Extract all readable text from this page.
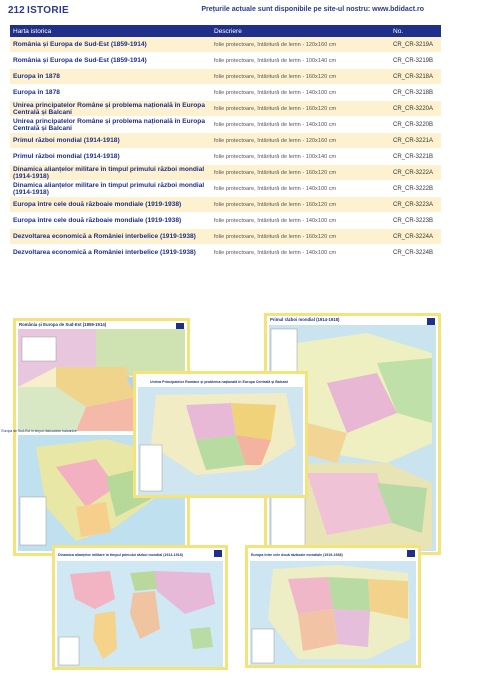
212 ISTORIE	Prețurile actuale sunt disponibile pe site-ul nostru: www.bdidact.ro
Harta istorica	Descriere	No.
România și Europa de Sud-Est (1859-1914)	folie protectoare, întăritură de lemn - 120x160 cm	CR_CR-3219A
România și Europa de Sud-Est (1859-1914)	folie protectoare, întăritură de lemn - 100x140 cm	CR_CR-3219B
Europa în 1878	folie protectoare, întăritură de lemn - 160x120 cm	CR_CR-3218A
Europa în 1878	folie protectoare, întăritură de lemn - 140x100 cm	CR_CR-3218B
Unirea principatelor Române și problema națională în Europa Centrală și Balcani	folie protectoare, întăritură de lemn - 160x120 cm	CR_CR-3220A
Unirea principatelor Române și problema națională în Europa Centrală și Balcani	folie protectoare, întăritură de lemn - 140x100 cm	CR_CR-3220B
Primul război mondial (1914-1918)	folie protectoare, întăritură de lemn - 120x160 cm	CR_CR-3221A
Primul război mondial (1914-1918)	folie protectoare, întăritură de lemn - 100x140 cm	CR_CR-3221B
Dinamica alianțelor militare în timpul primului război mondial (1914-1918)	folie protectoare, întăritură de lemn - 160x120 cm	CR_CR-3222A
Dinamica alianțelor militare în timpul primului război mondial (1914-1918)	folie protectoare, întăritură de lemn - 140x100 cm	CR_CR-3222B
Europa între cele două războaie mondiale (1919-1938)	folie protectoare, întăritură de lemn - 160x120 cm	CR_CR-3223A
Europa între cele două războaie mondiale (1919-1938)	folie protectoare, întăritură de lemn - 140x100 cm	CR_CR-3223B
Dezvoltarea economică a României interbelice (1919-1938)	folie protectoare, întăritură de lemn - 160x120 cm	CR_CR-3224A
Dezvoltarea economică a României interbelice (1919-1938)	folie protectoare, întăritură de lemn - 140x100 cm	CR_CR-3224B
România și Europa de Sud-Est (1859-1914)
Europa de Sud-Est în timpul războaielor balcanice
Primul război mondial (1914-1918)
Unirea Principatelor Române și problema națională în Europa Centrală și Balcani
Dinamica alianțelor militare în timpul primului război mondial (1914-1918)	Europa între cele două războaie mondiale (1919-1938)
